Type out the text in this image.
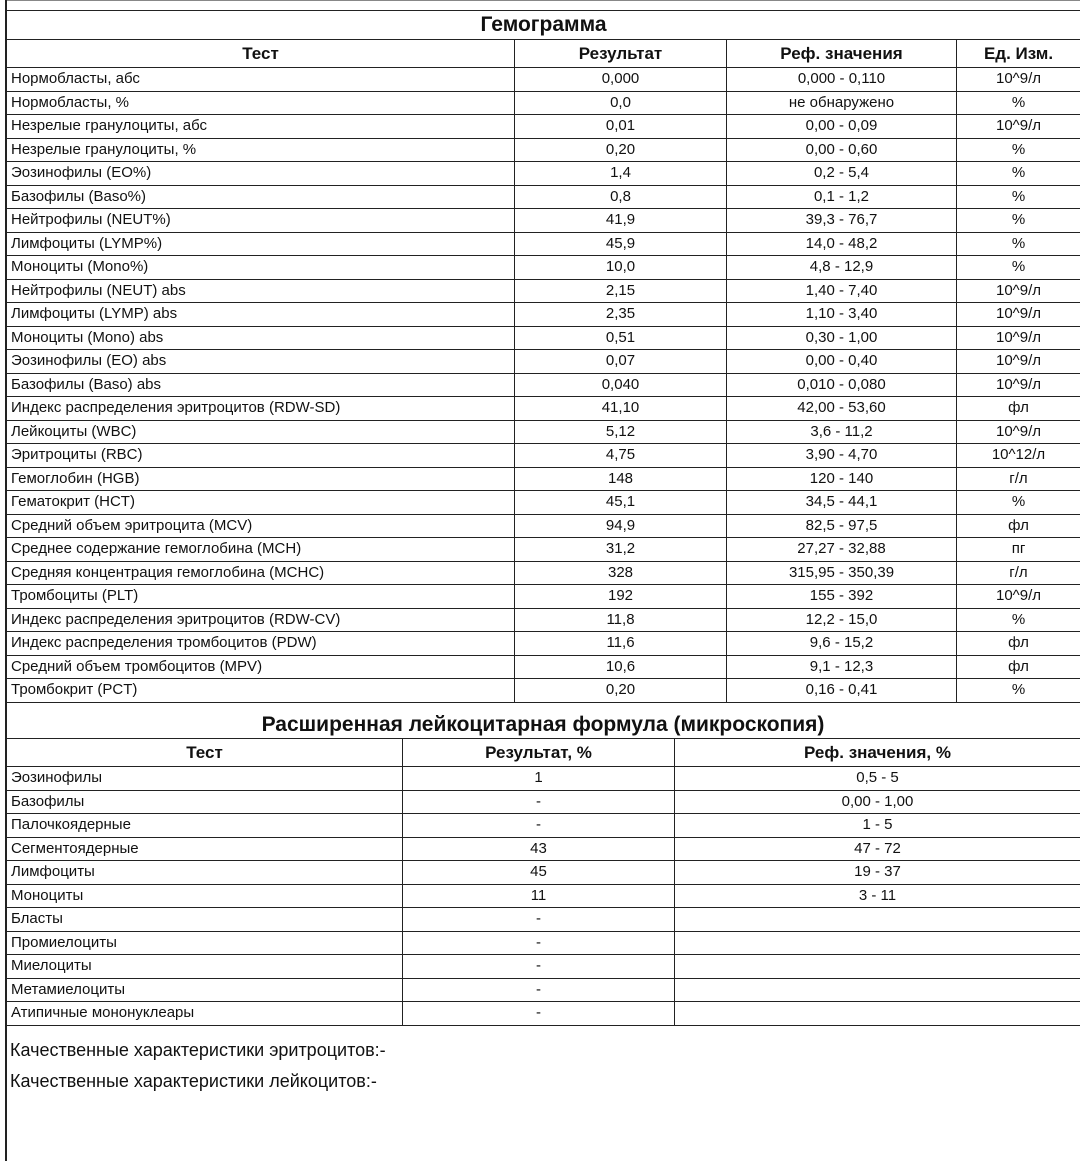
Гемограмма			
Тест	Результат	Реф. значения	Ед. Изм.
Нормобласты, абс	0,000	0,000 - 0,110	10^9/л
Нормобласты, %	0,0	не обнаружено	%
Незрелые гранулоциты, абс	0,01	0,00 - 0,09	10^9/л
Незрелые гранулоциты, %	0,20	0,00 - 0,60	%
Эозинофилы (EO%)	1,4	0,2 - 5,4	%
Базофилы (Baso%)	0,8	0,1 - 1,2	%
Нейтрофилы (NEUT%)	41,9	39,3 - 76,7	%
Лимфоциты (LYMP%)	45,9	14,0 - 48,2	%
Моноциты (Mono%)	10,0	4,8 - 12,9	%
Нейтрофилы (NEUT) abs	2,15	1,40 - 7,40	10^9/л
Лимфоциты (LYMP) abs	2,35	1,10 - 3,40	10^9/л
Моноциты (Mono) abs	0,51	0,30 - 1,00	10^9/л
Эозинофилы (EO) abs	0,07	0,00 - 0,40	10^9/л
Базофилы (Baso) abs	0,040	0,010 - 0,080	10^9/л
Индекс распределения эритроцитов (RDW-SD)	41,10	42,00 - 53,60	фл
Лейкоциты (WBC)	5,12	3,6 - 11,2	10^9/л
Эритроциты (RBC)	4,75	3,90 - 4,70	10^12/л
Гемоглобин (HGB)	148	120 - 140	г/л
Гематокрит (HCT)	45,1	34,5 - 44,1	%
Средний объем эритроцита (MCV)	94,9	82,5 - 97,5	фл
Среднее содержание гемоглобина (MCH)	31,2	27,27 - 32,88	пг
Средняя концентрация гемоглобина (MCHC)	328	315,95 - 350,39	г/л
Тромбоциты (PLT)	192	155 - 392	10^9/л
Индекс распределения эритроцитов (RDW-CV)	11,8	12,2 - 15,0	%
Индекс распределения тромбоцитов (PDW)	11,6	9,6 - 15,2	фл
Средний объем тромбоцитов (MPV)	10,6	9,1 - 12,3	фл
Тромбокрит (PCT)	0,20	0,16 - 0,41	%
Расширенная лейкоцитарная формула (микроскопия)
Тест	Результат, %	Реф. значения, %
Эозинофилы	1	0,5 - 5
Базофилы	-	0,00 - 1,00
Палочкоядерные	-	1 - 5
Сегментоядерные	43	47 - 72
Лимфоциты	45	19 - 37
Моноциты	11	3 - 11
Бласты	-	
Промиелоциты	-	
Миелоциты	-	
Метамиелоциты	-	
Атипичные мононуклеары	-	
Качественные характеристики эритроцитов:-
Качественные характеристики лейкоцитов:-
